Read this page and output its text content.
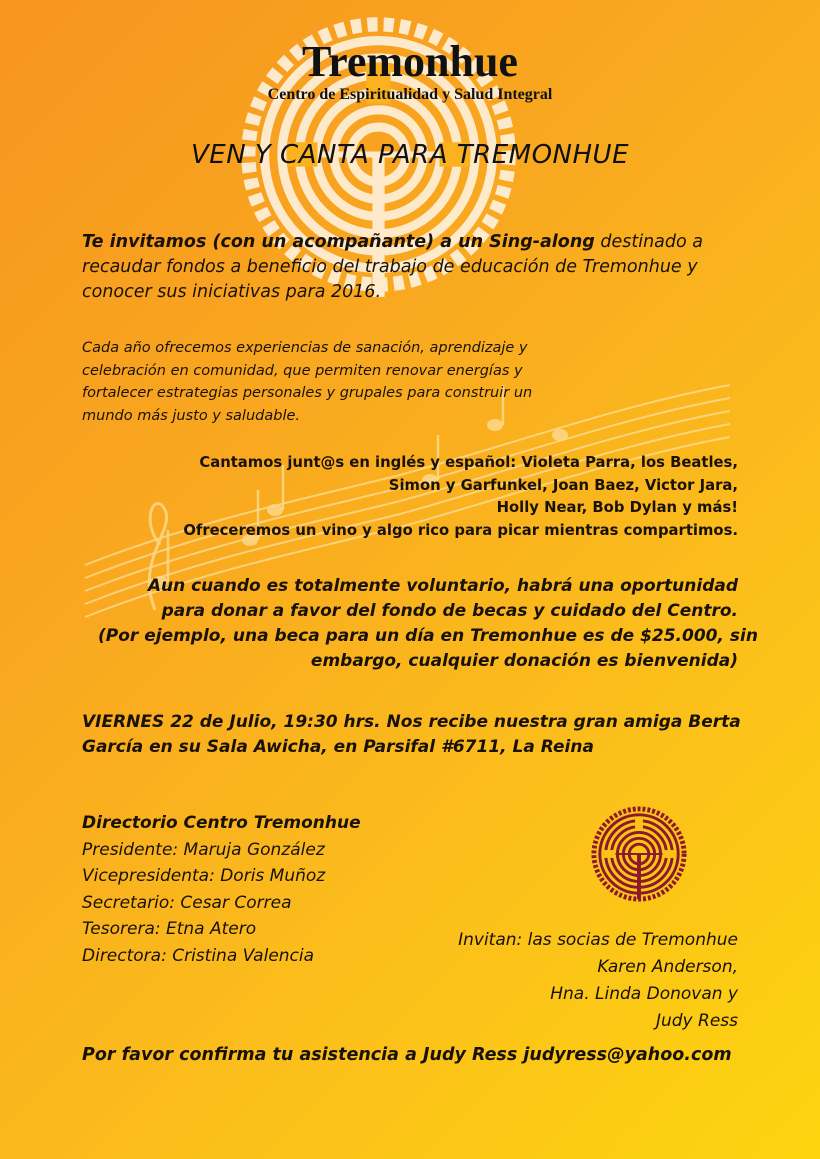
Tremonhue
Centro de Espiritualidad y Salud Integral
VEN Y CANTA PARA TREMONHUE
Te invitamos (con un acompañante) a un Sing-along destinado a
recaudar fondos a beneficio del trabajo de educación de Tremonhue y
conocer sus iniciativas para 2016.
Cada año ofrecemos experiencias de sanación, aprendizaje y
celebración en comunidad, que permiten renovar energías y
fortalecer estrategias personales y grupales para construir un
mundo más justo y saludable.
Cantamos junt@s en inglés y español: Violeta Parra, los Beatles,
Simon y Garfunkel, Joan Baez, Victor Jara,
Holly Near, Bob Dylan y más!
Ofreceremos un vino y algo rico para picar mientras compartimos.
Aun cuando es totalmente voluntario, habrá una oportunidad
para donar a favor del fondo de becas y cuidado del Centro.
(Por ejemplo, una beca para un día en Tremonhue es de $25.000, sin
embargo, cualquier donación es bienvenida)
VIERNES 22 de Julio, 19:30 hrs. Nos recibe nuestra gran amiga Berta
García en su Sala Awicha, en Parsifal #6711, La Reina
Directorio Centro Tremonhue
Presidente: Maruja González
Vicepresidenta: Doris Muñoz
Secretario: Cesar Correa
Tesorera: Etna Atero
Directora: Cristina Valencia
Invitan: las socias de Tremonhue
Karen Anderson,
Hna. Linda Donovan y
Judy Ress
Por favor confirma tu asistencia a Judy Ress judyress@yahoo.com
